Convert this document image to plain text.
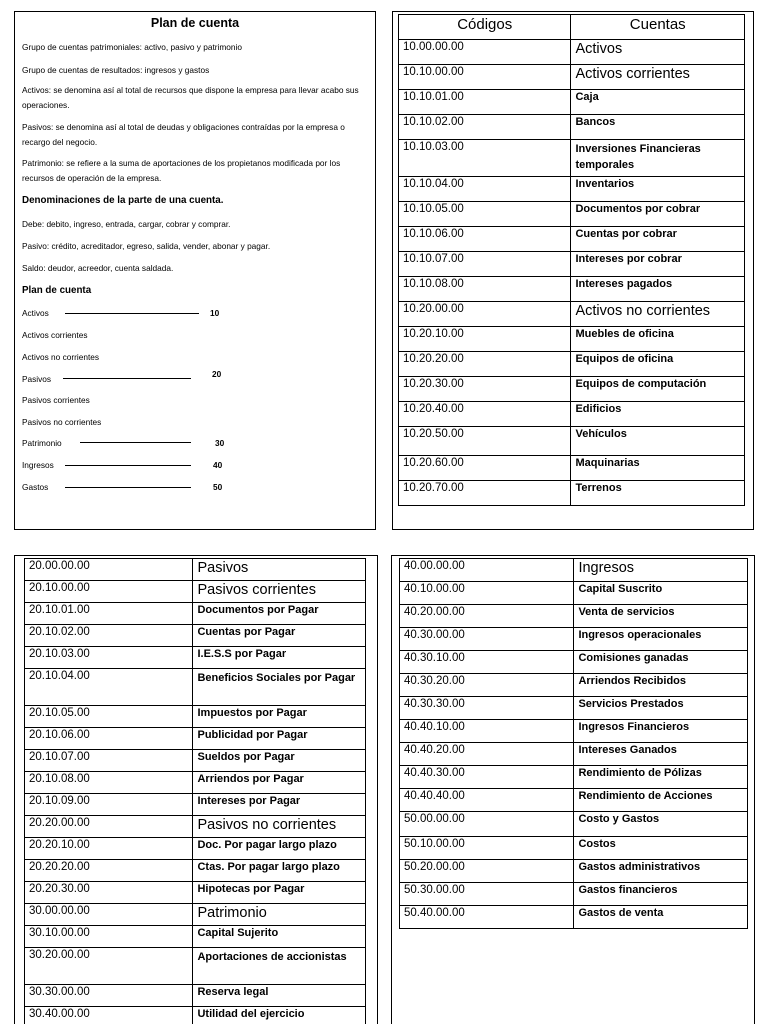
Plan de cuenta
Grupo de cuentas patrimoniales: activo, pasivo y patrimonio
Grupo de cuentas de resultados: ingresos y gastos
Activos: se denomina así al total de recursos que dispone la empresa para llevar acabo sus operaciones.
Pasivos: se denomina así al total de deudas y obligaciones contraídas por la empresa o recargo del negocio.
Patrimonio: se refiere a la suma de aportaciones de los propietanos modificada por los recursos de operación de la empresa.
Denominaciones de la parte de una cuenta.
Debe: debito, ingreso, entrada, cargar, cobrar y comprar.
Pasivo: crédito, acreditador, egreso, salida, vender, abonar y pagar.
Saldo: deudor, acreedor, cuenta saldada.
Plan de cuenta
Activos	10
Activos corrientes
Activos no corrientes
Pasivos	20
Pasivos corrientes
Pasivos no corrientes
Patrimonio	30
Ingresos	40
Gastos	50
Códigos	Cuentas
10.00.00.00	Activos
10.10.00.00	Activos corrientes
10.10.01.00	Caja
10.10.02.00	Bancos
10.10.03.00	Inversiones Financieras temporales
10.10.04.00	Inventarios
10.10.05.00	Documentos por cobrar
10.10.06.00	Cuentas por cobrar
10.10.07.00	Intereses por cobrar
10.10.08.00	Intereses pagados
10.20.00.00	Activos no corrientes
10.20.10.00	Muebles de oficina
10.20.20.00	Equipos de oficina
10.20.30.00	Equipos de computación
10.20.40.00	Edificios
10.20.50.00	Vehículos
10.20.60.00	Maquinarias
10.20.70.00	Terrenos
20.00.00.00	Pasivos
20.10.00.00	Pasivos corrientes
20.10.01.00	Documentos por Pagar
20.10.02.00	Cuentas por Pagar
20.10.03.00	I.E.S.S por Pagar
20.10.04.00	Beneficios Sociales por Pagar
20.10.05.00	Impuestos por Pagar
20.10.06.00	Publicidad por Pagar
20.10.07.00	Sueldos por Pagar
20.10.08.00	Arriendos por Pagar
20.10.09.00	Intereses por Pagar
20.20.00.00	Pasivos no corrientes
20.20.10.00	Doc. Por pagar largo plazo
20.20.20.00	Ctas. Por pagar largo plazo
20.20.30.00	Hipotecas por Pagar
30.00.00.00	Patrimonio
30.10.00.00	Capital Sujerito
30.20.00.00	Aportaciones de accionistas
30.30.00.00	Reserva legal
30.40.00.00	Utilidad del ejercicio
40.00.00.00	Ingresos
40.10.00.00	Capital Suscrito
40.20.00.00	Venta de servicios
40.30.00.00	Ingresos operacionales
40.30.10.00	Comisiones ganadas
40.30.20.00	Arriendos Recibidos
40.30.30.00	Servicios Prestados
40.40.10.00	Ingresos Financieros
40.40.20.00	Intereses Ganados
40.40.30.00	Rendimiento de Pólizas
40.40.40.00	Rendimiento de Acciones
50.00.00.00	Costo y Gastos
50.10.00.00	Costos
50.20.00.00	Gastos administrativos
50.30.00.00	Gastos financieros
50.40.00.00	Gastos de venta
